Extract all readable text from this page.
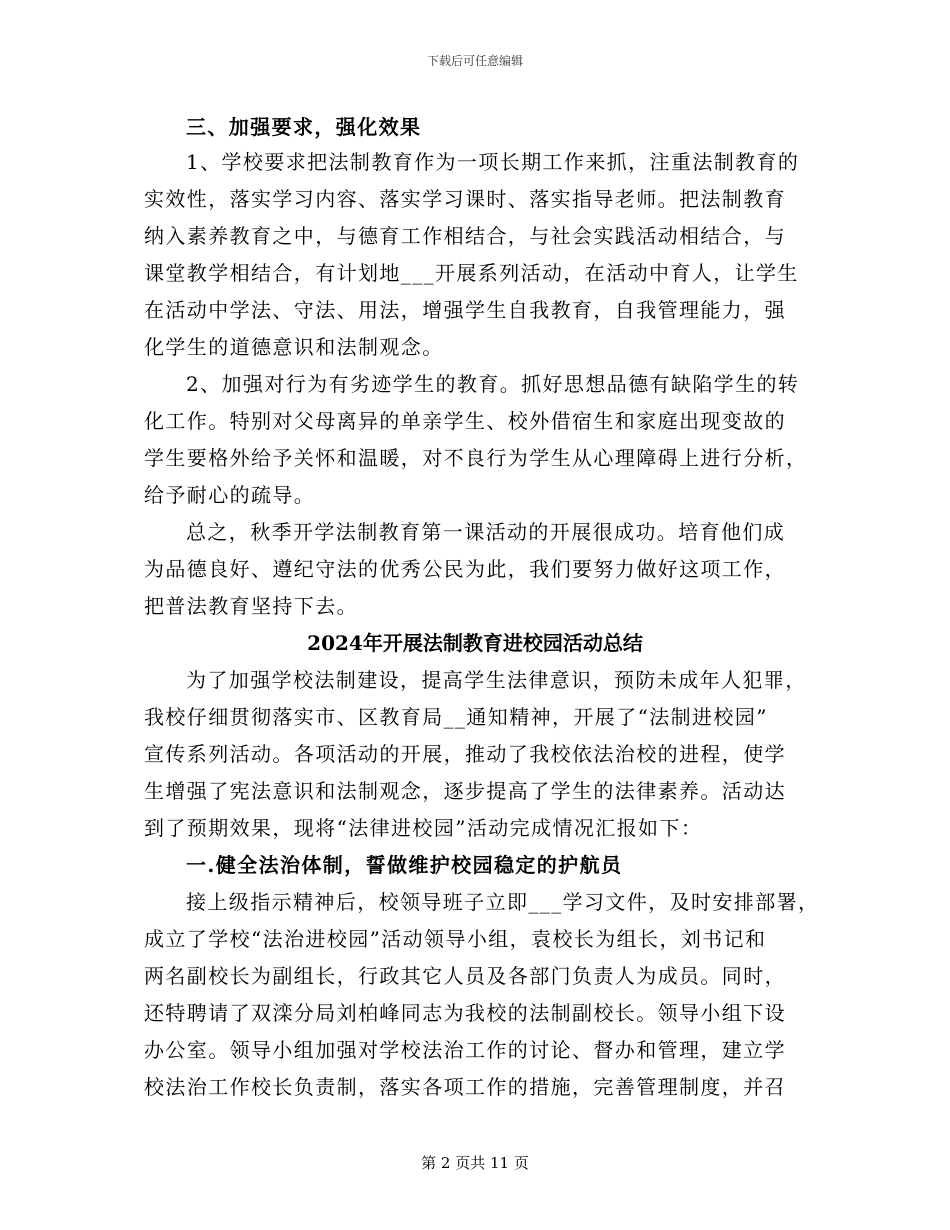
下载后可任意编辑
三、加强要求，强化效果
1、学校要求把法制教育作为一项长期工作来抓，注重法制教育的
实效性，落实学习内容、落实学习课时、落实指导老师。把法制教育
纳入素养教育之中，与德育工作相结合，与社会实践活动相结合，与
课堂教学相结合，有计划地___开展系列活动，在活动中育人，让学生
在活动中学法、守法、用法，增强学生自我教育，自我管理能力，强
化学生的道德意识和法制观念。
2、加强对行为有劣迹学生的教育。抓好思想品德有缺陷学生的转
化工作。特别对父母离异的单亲学生、校外借宿生和家庭出现变故的
学生要格外给予关怀和温暖，对不良行为学生从心理障碍上进行分析，
给予耐心的疏导。
总之，秋季开学法制教育第一课活动的开展很成功。培育他们成
为品德良好、遵纪守法的优秀公民为此，我们要努力做好这项工作，
把普法教育坚持下去。
2024年开展法制教育进校园活动总结
为了加强学校法制建设，提高学生法律意识，预防未成年人犯罪，
我校仔细贯彻落实市、区教育局__通知精神，开展了“法制进校园”
宣传系列活动。各项活动的开展，推动了我校依法治校的进程，使学
生增强了宪法意识和法制观念，逐步提高了学生的法律素养。活动达
到了预期效果，现将“法律进校园”活动完成情况汇报如下：
一.健全法治体制，誓做维护校园稳定的护航员
接上级指示精神后，校领导班子立即___学习文件，及时安排部署，
成立了学校“法治进校园”活动领导小组，袁校长为组长，刘书记和
两名副校长为副组长，行政其它人员及各部门负责人为成员。同时，
还特聘请了双滦分局刘柏峰同志为我校的法制副校长。领导小组下设
办公室。领导小组加强对学校法治工作的讨论、督办和管理，建立学
校法治工作校长负责制，落实各项工作的措施，完善管理制度，并召
第 2 页共 11 页
